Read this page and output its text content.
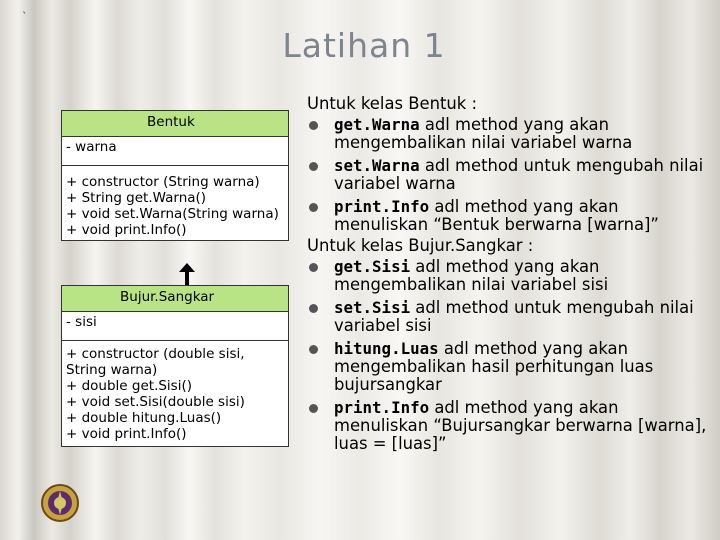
`
Latihan 1
Bentuk
- warna
+ constructor (String warna)
+ String get.Warna()
+ void set.Warna(String warna)
+ void print.Info()
Bujur.Sangkar
- sisi
+ constructor (double sisi,
String warna)
+ double get.Sisi()
+ void set.Sisi(double sisi)
+ double hitung.Luas()
+ void print.Info()
Untuk kelas Bentuk :
get.Warna adl method yang akan mengembalikan nilai variabel warna
set.Warna adl method untuk mengubah nilai variabel warna
print.Info adl method yang akan menuliskan “Bentuk berwarna [warna]”
Untuk kelas Bujur.Sangkar :
get.Sisi adl method yang akan mengembalikan nilai variabel sisi
set.Sisi adl method untuk mengubah nilai variabel sisi
hitung.Luas adl method yang akan mengembalikan hasil perhitungan luas bujursangkar
print.Info adl method yang akan menuliskan “Bujursangkar berwarna [warna], luas = [luas]”
